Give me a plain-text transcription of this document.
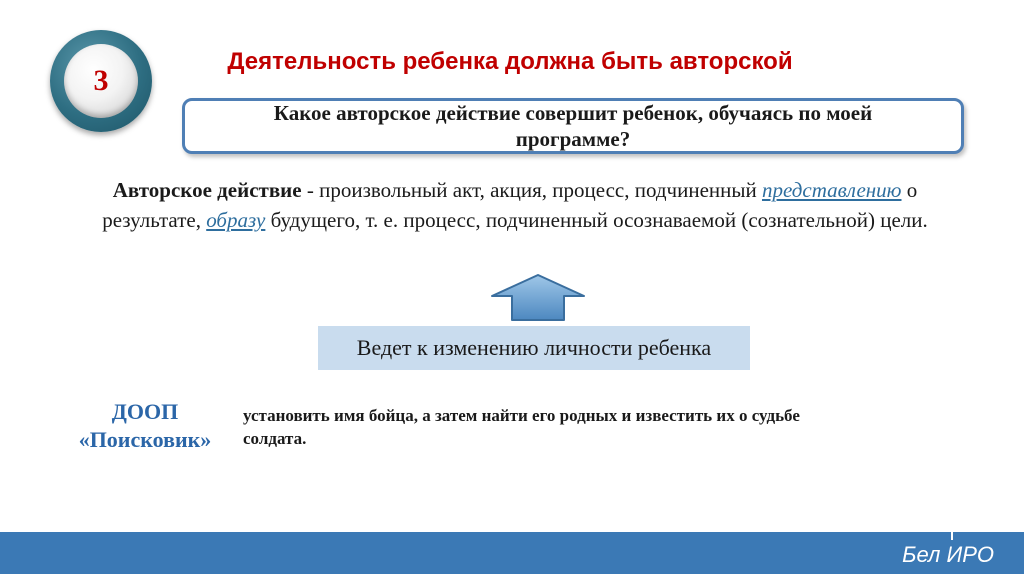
3
Деятельность ребенка должна быть авторской
Какое авторское действие совершит ребенок, обучаясь по моей программе?
Авторское действие - произвольный акт, акция, процесс, подчиненный представлению о результате, образу будущего, т. е. процесс, подчиненный осознаваемой (сознательной) цели.
Ведет к изменению личности ребенка
ДООП
«Поисковик»
установить имя бойца, а затем найти его родных и известить их о судьбе солдата.
Бел ИРО
